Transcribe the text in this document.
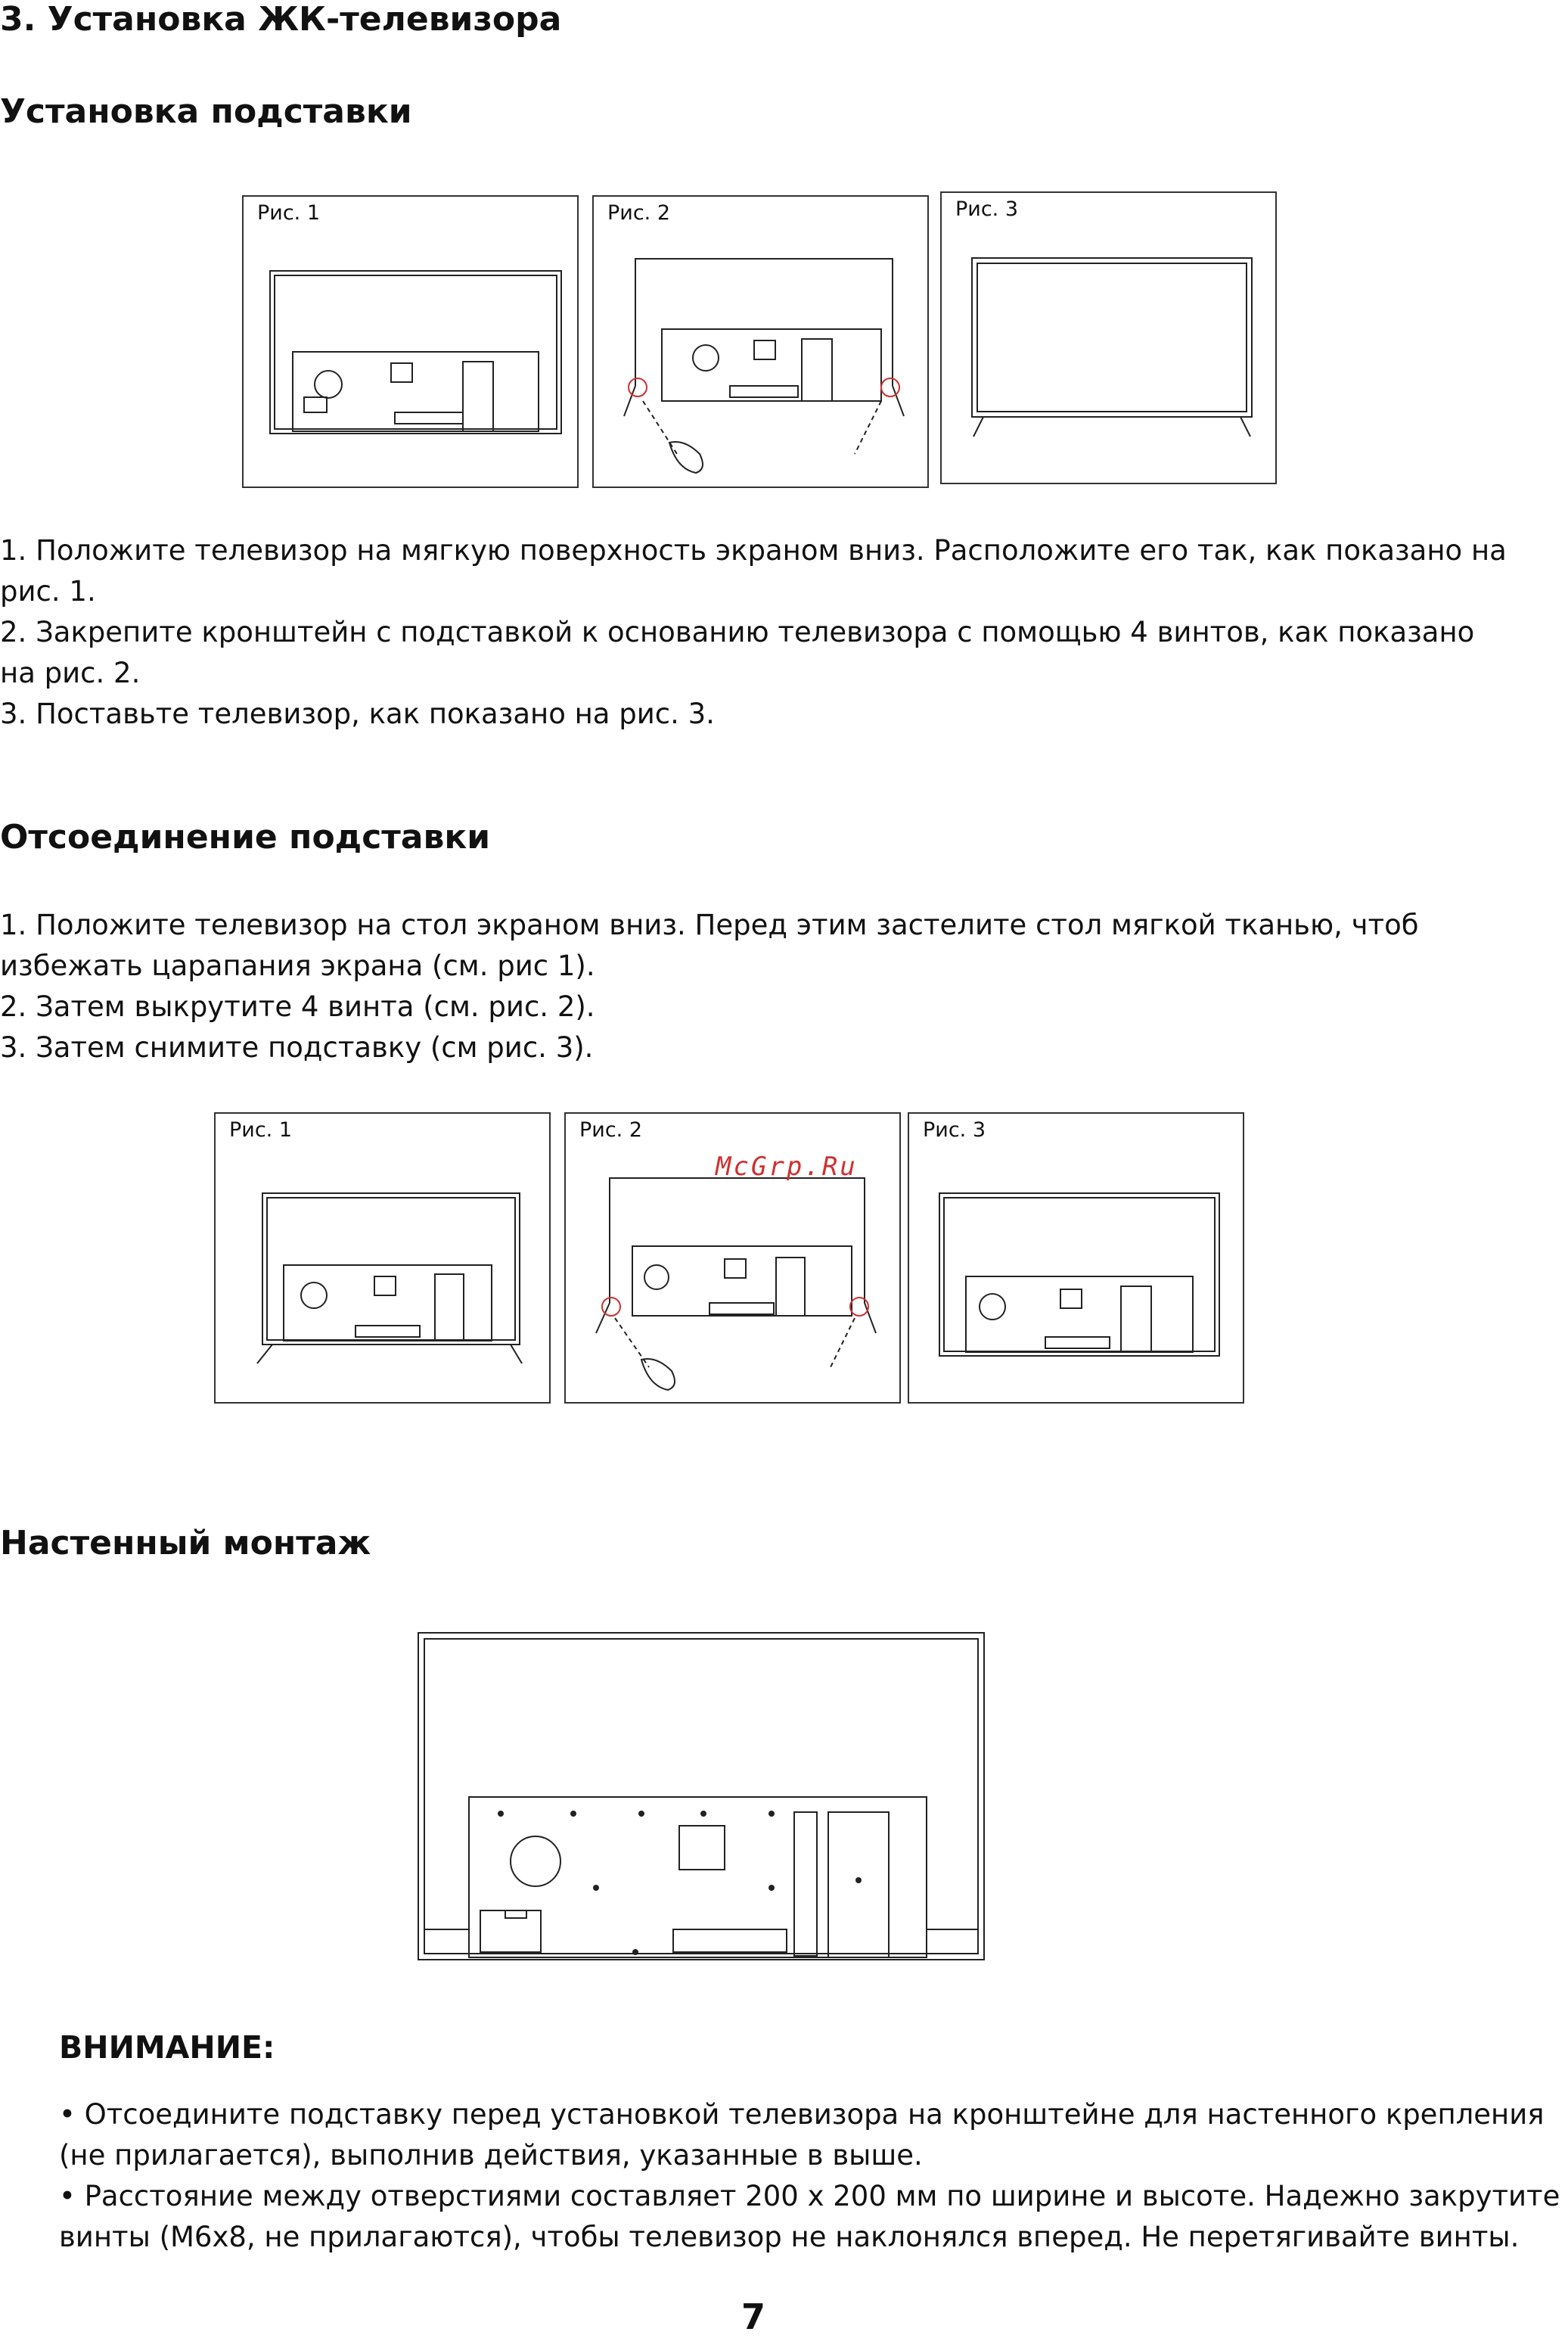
3. Установка ЖК-телевизора
Установка подставки
Рис. 1	Рис. 2	Рис. 3

1. Положите телевизор на мягкую поверхность экраном вниз. Расположите его так, как показано на рис. 1.

2. Закрепите кронштейн с подставкой к основанию телевизора с помощью 4 винтов, как показано на рис. 2.

3. Поставьте телевизор, как показано на рис. 3.

Отсоединение подставки

1. Положите телевизор на стол экраном вниз. Перед этим застелите стол мягкой тканью, чтоб избежать царапания экрана (см. рис 1).

2. Затем выкрутите 4 винта (см. рис. 2).

3. Затем снимите подставку (см рис. 3).

Рис. 1	Рис. 2
McGrp.Ru
Рис. 3
Настенный монтаж
ВНИМАНИЕ:

• Отсоедините подставку перед установкой телевизора на кронштейне для настенного крепления (не прилагается), выполнив действия, указанные в выше.

• Расстояние между отверстиями составляет 200 x 200 мм по ширине и высоте. Надежно закрутите винты (M6x8, не прилагаются), чтобы телевизор не наклонялся вперед. Не перетягивайте винты.

7
